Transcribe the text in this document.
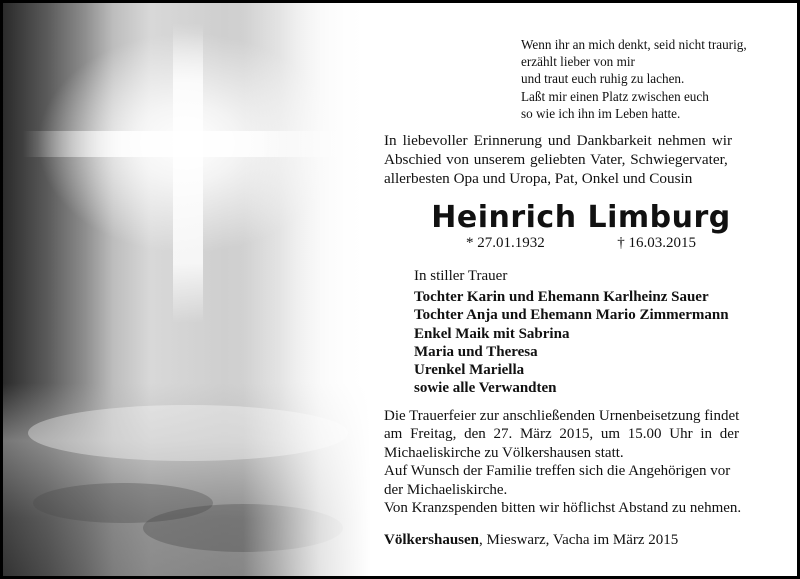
Wenn ihr an mich denkt, seid nicht traurig,
erzählt lieber von mir
und traut euch ruhig zu lachen.
Laßt mir einen Platz zwischen euch
so wie ich ihn im Leben hatte.
In liebevoller Erinnerung und Dankbarkeit nehmen wir
Abschied von unserem geliebten Vater, Schwiegervater,
allerbesten Opa und Uropa, Pat, Onkel und Cousin
Heinrich Limburg
* 27.01.1932	† 16.03.2015
In stiller Trauer
Tochter Karin und Ehemann Karlheinz Sauer
Tochter Anja und Ehemann Mario Zimmermann
Enkel Maik mit Sabrina
Maria und Theresa
Urenkel Mariella
sowie alle Verwandten
Die Trauerfeier zur anschließenden Urnenbeisetzung findet
am Freitag, den 27. März 2015, um 15.00 Uhr in der
Michaeliskirche zu Völkershausen statt.
Auf Wunsch der Familie treffen sich die Angehörigen vor
der Michaeliskirche.
Von Kranzspenden bitten wir höflichst Abstand zu nehmen.
Völkershausen, Mieswarz, Vacha im März 2015
